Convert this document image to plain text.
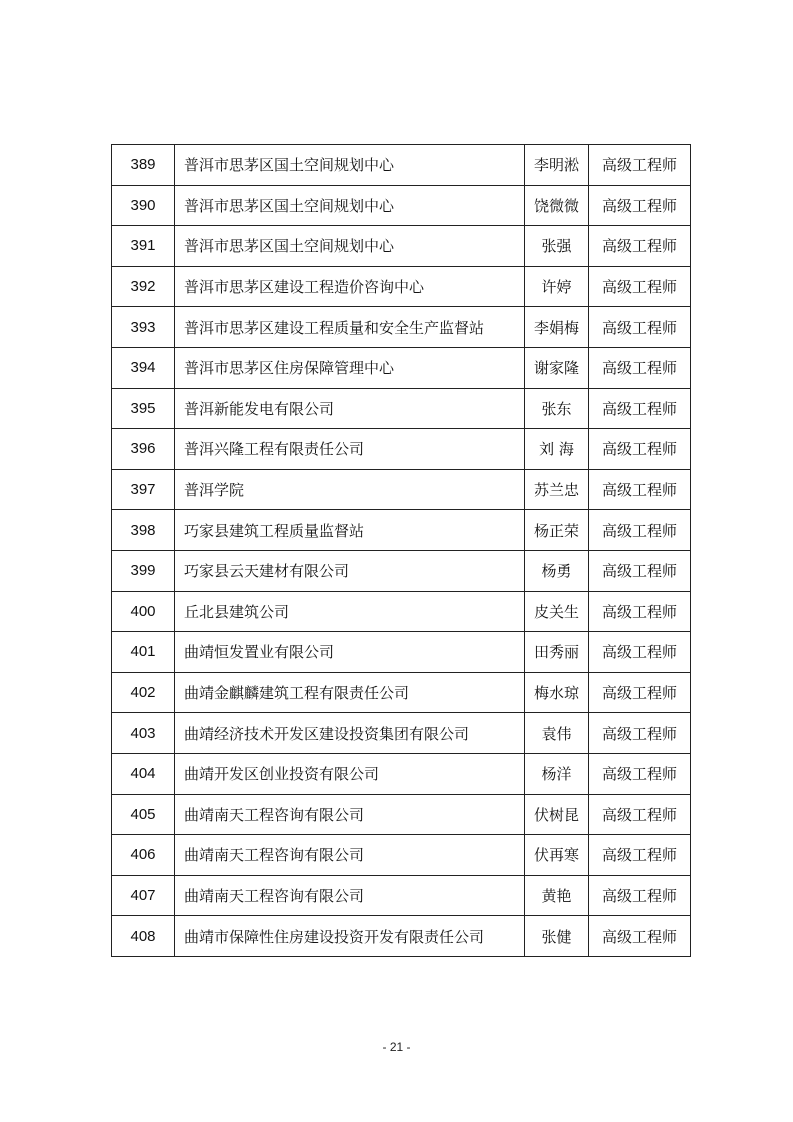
389	普洱市思茅区国土空间规划中心	李明淞	高级工程师
390	普洱市思茅区国土空间规划中心	饶微微	高级工程师
391	普洱市思茅区国土空间规划中心	张强	高级工程师
392	普洱市思茅区建设工程造价咨询中心	许婷	高级工程师
393	普洱市思茅区建设工程质量和安全生产监督站	李娟梅	高级工程师
394	普洱市思茅区住房保障管理中心	谢家隆	高级工程师
395	普洱新能发电有限公司	张东	高级工程师
396	普洱兴隆工程有限责任公司	刘 海	高级工程师
397	普洱学院	苏兰忠	高级工程师
398	巧家县建筑工程质量监督站	杨正荣	高级工程师
399	巧家县云天建材有限公司	杨勇	高级工程师
400	丘北县建筑公司	皮关生	高级工程师
401	曲靖恒发置业有限公司	田秀丽	高级工程师
402	曲靖金麒麟建筑工程有限责任公司	梅水琼	高级工程师
403	曲靖经济技术开发区建设投资集团有限公司	袁伟	高级工程师
404	曲靖开发区创业投资有限公司	杨洋	高级工程师
405	曲靖南天工程咨询有限公司	伏树昆	高级工程师
406	曲靖南天工程咨询有限公司	伏再寒	高级工程师
407	曲靖南天工程咨询有限公司	黄艳	高级工程师
408	曲靖市保障性住房建设投资开发有限责任公司	张健	高级工程师
- 21 -
